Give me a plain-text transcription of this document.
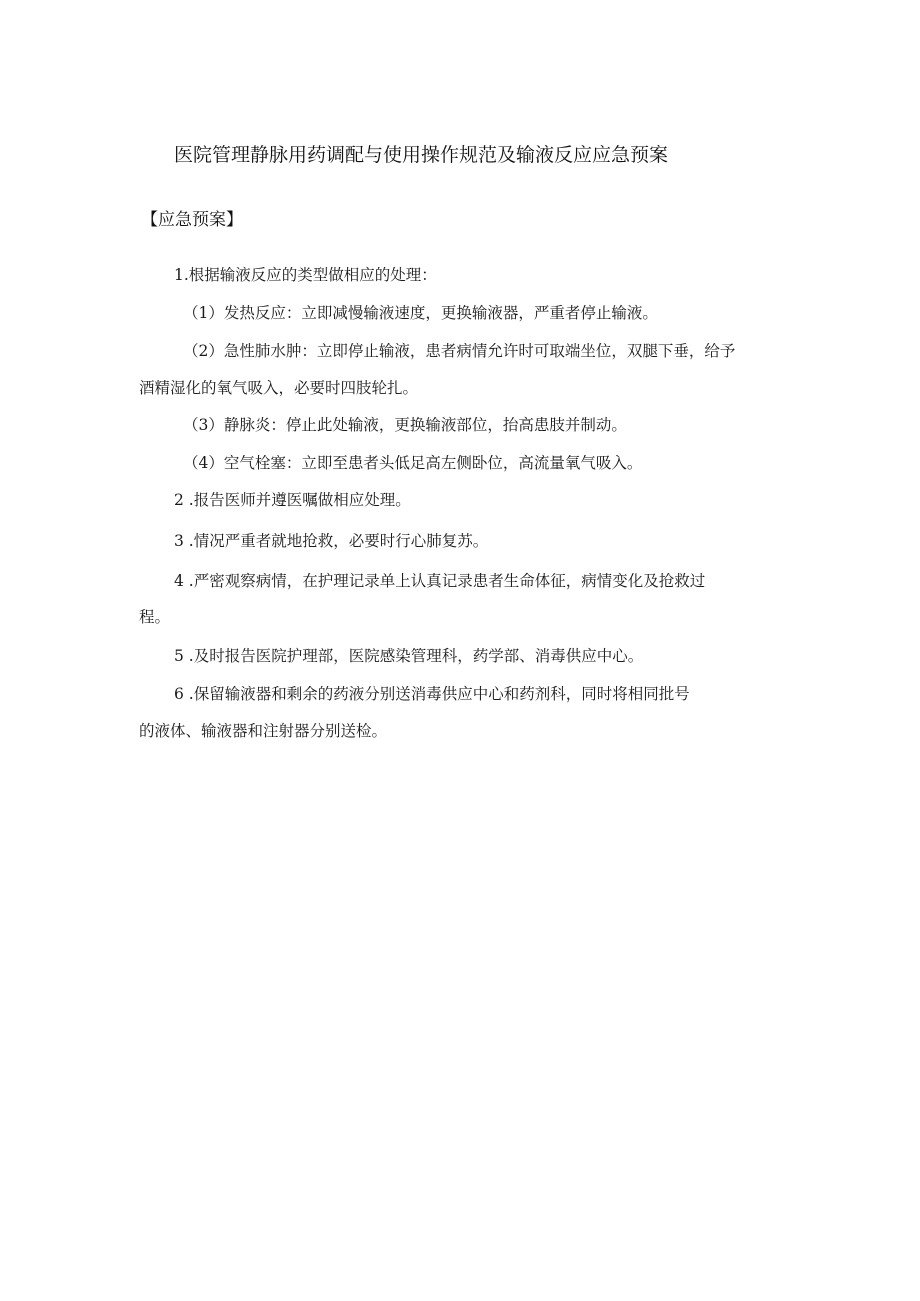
医院管理静脉用药调配与使用操作规范及输液反应应急预案
【应急预案】
1.根据输液反应的类型做相应的处理：
（1）发热反应：立即减慢输液速度，更换输液器，严重者停止输液。
（2）急性肺水肿：立即停止输液，患者病情允许时可取端坐位，双腿下垂，给予
酒精湿化的氧气吸入，必要时四肢轮扎。
（3）静脉炎：停止此处输液，更换输液部位，抬高患肢并制动。
（4）空气栓塞：立即至患者头低足高左侧卧位，高流量氧气吸入。
2 .报告医师并遵医嘱做相应处理。
3 .情况严重者就地抢救，必要时行心肺复苏。
4 .严密观察病情，在护理记录单上认真记录患者生命体征，病情变化及抢救过
程。
5 .及时报告医院护理部，医院感染管理科，药学部、消毒供应中心。
6 .保留输液器和剩余的药液分别送消毒供应中心和药剂科，同时将相同批号
的液体、输液器和注射器分别送检。
